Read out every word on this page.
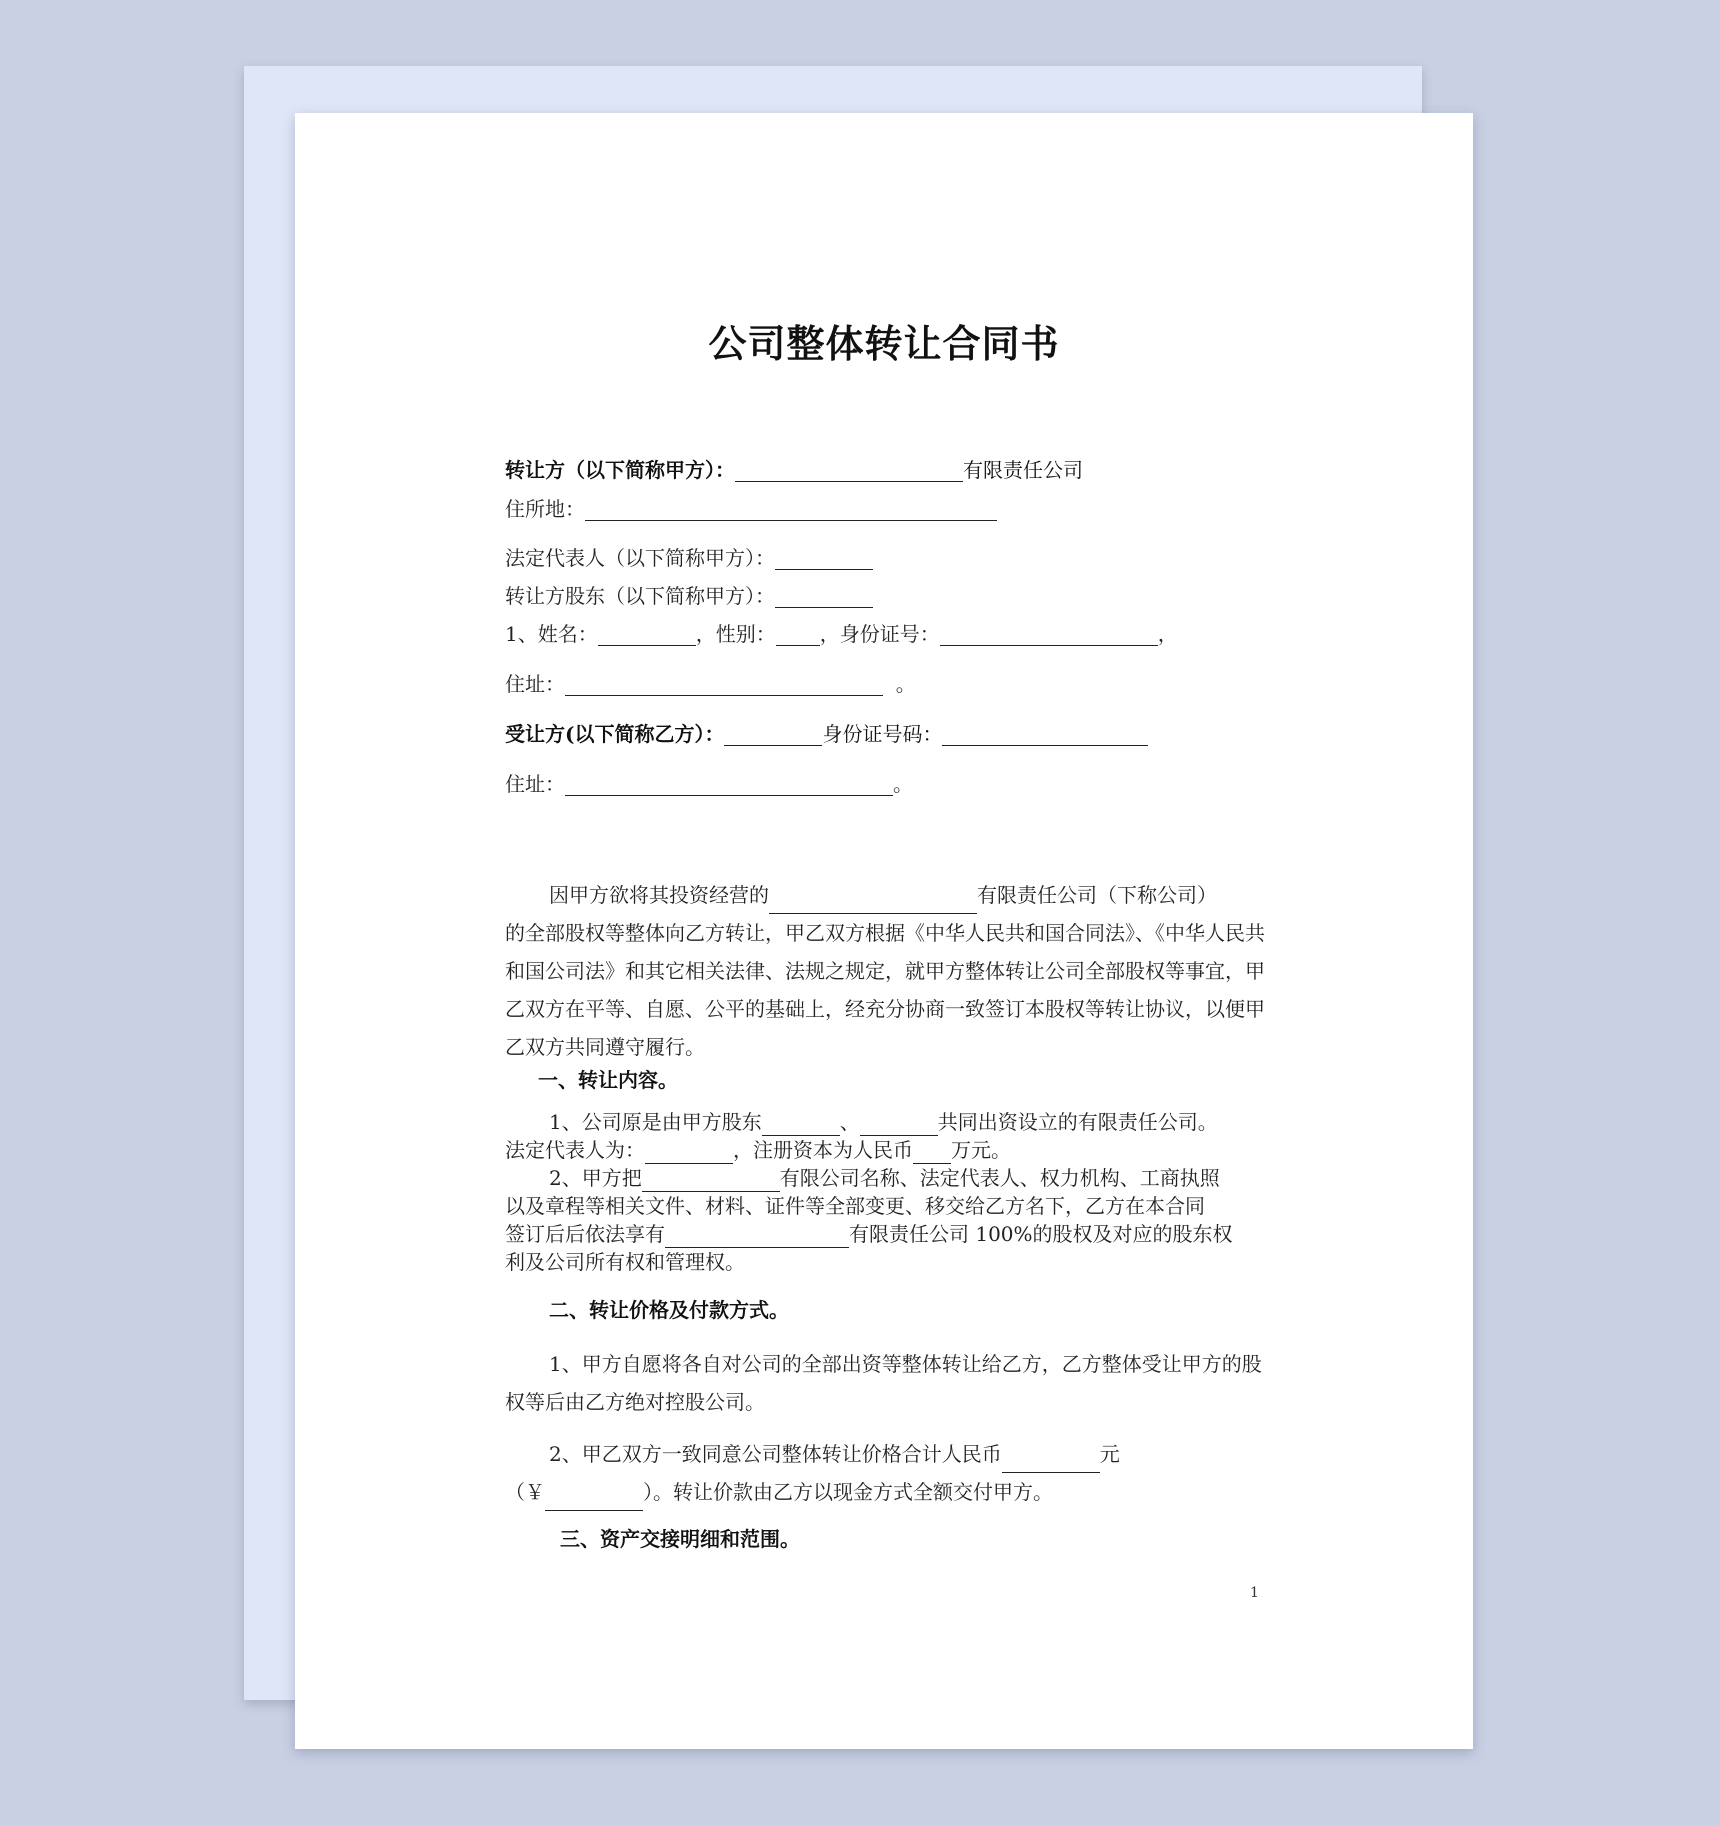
公司整体转让合同书
转让方（以下简称甲方）：	有限责任公司
住所地：
法定代表人（以下简称甲方）：
转让方股东（以下简称甲方）：
1、姓名：	，性别： ，身份证号：	，
住址：	。
受让方(以下简称乙方）：	身份证号码：
住址：	。

因甲方欲将其投资经营的	有限责任公司（下称公司）

的全部股权等整体向乙方转让，甲乙双方根据《中华人民共和国合同法》、《中华人民共和国公司法》和其它相关法律、法规之规定，就甲方整体转让公司全部股权等事宜，甲乙双方在平等、自愿、公平的基础上，经充分协商一致签订本股权等转让协议，以便甲乙双方共同遵守履行。

一、转让内容。

1、公司原是由甲方股东	、	共同出资设立的有限责任公司。

法定代表人为：	，注册资本为人民币 万元。

2、甲方把	有限公司名称、法定代表人、权力机构、工商执照

以及章程等相关文件、材料、证件等全部变更、移交给乙方名下，乙方在本合同

签订后后依法享有	有限责任公司 100%的股权及对应的股东权

利及公司所有权和管理权。

二、转让价格及付款方式。

1、甲方自愿将各自对公司的全部出资等整体转让给乙方，乙方整体受让甲方的股权等后由乙方绝对控股公司。

2、甲乙双方一致同意公司整体转让价格合计人民币	元

（￥	）。转让价款由乙方以现金方式全额交付甲方。

三、资产交接明细和范围。
1
